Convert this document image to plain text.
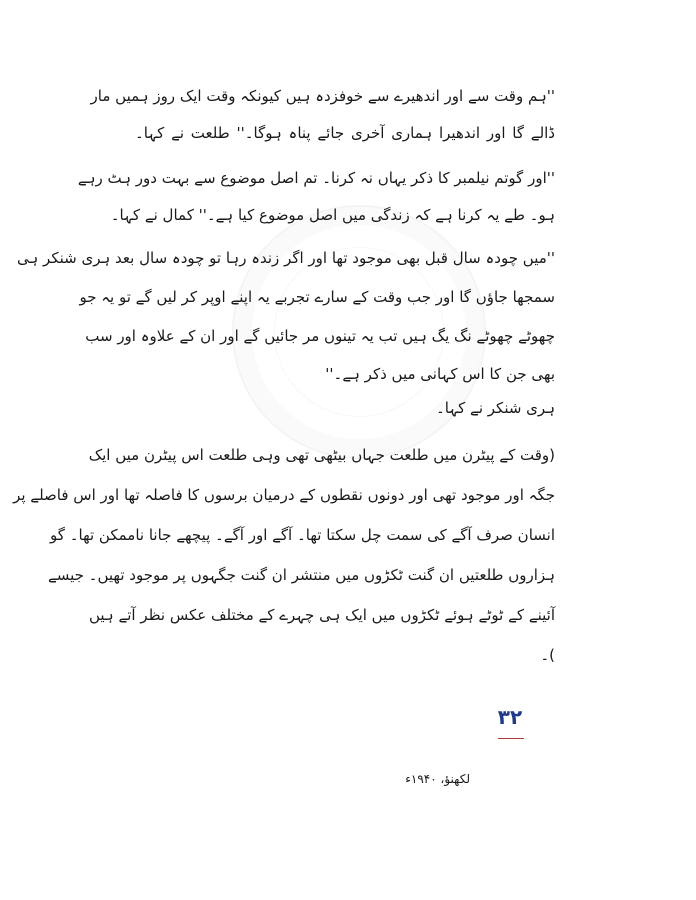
''ہم وقت سے اور اندھیرے سے خوفزدہ ہیں کیونکہ وقت ایک روز ہمیں مار
ڈالے گا اور اندھیرا ہماری آخری جائے پناہ ہوگا۔'' طلعت نے کہا۔
''اور گوتم نیلمبر کا ذکر یہاں نہ کرنا۔ تم اصل موضوع سے بہت دور ہٹ رہے
ہو۔ طے یہ کرنا ہے کہ زندگی میں اصل موضوع کیا ہے۔'' کمال نے کہا۔
''میں چودہ سال قبل بھی موجود تھا اور اگر زندہ رہا تو چودہ سال بعد ہری شنکر ہی
سمجھا جاؤں گا اور جب وقت کے سارے تجربے یہ اپنے اوپر کر لیں گے تو یہ جو
چھوٹے چھوٹے نگ یگ ہیں تب یہ تینوں مر جائیں گے اور ان کے علاوہ اور سب
بھی جن کا اس کہانی میں ذکر ہے۔''
ہری شنکر نے کہا۔
(وقت کے پیٹرن میں طلعت جہاں بیٹھی تھی وہی طلعت اس پیٹرن میں ایک
جگہ اور موجود تھی اور دونوں نقطوں کے درمیان برسوں کا فاصلہ تھا اور اس فاصلے پر
انسان صرف آگے کی سمت چل سکتا تھا۔ آگے اور آگے۔ پیچھے جانا ناممکن تھا۔ گو
ہزاروں طلعتیں ان گنت ٹکڑوں میں منتشر ان گنت جگہوں پر موجود تھیں۔ جیسے
آئینے کے ٹوٹے ہوئے ٹکڑوں میں ایک ہی چہرے کے مختلف عکس نظر آتے ہیں
)۔
۳۲
لکھنؤ، ۱۹۴۰ء
